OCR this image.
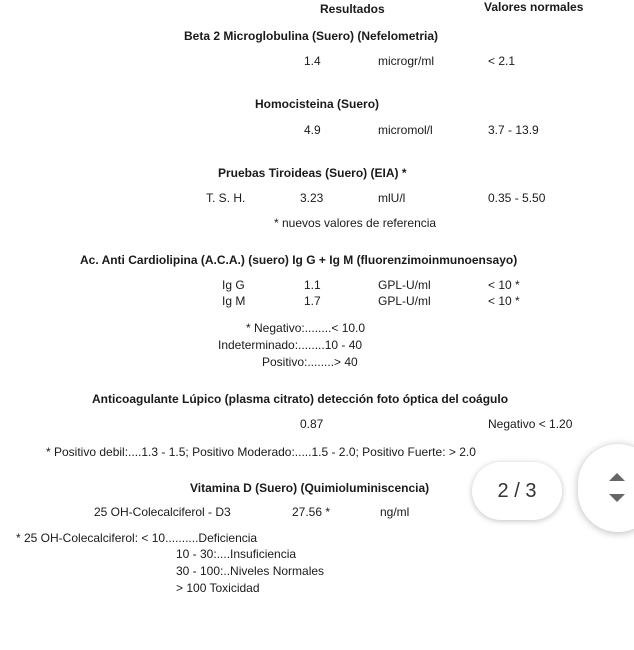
Resultados	Valores normales
Beta 2 Microglobulina (Suero) (Nefelometria)
1.4	microgr/ml	< 2.1
Homocisteina (Suero)
4.9	micromol/l	3.7 - 13.9
Pruebas Tiroideas (Suero) (EIA) *
T. S. H.	3.23	mlU/l	0.35 - 5.50
* nuevos valores de referencia
Ac. Anti Cardiolipina (A.C.A.) (suero) Ig G + Ig M (fluorenzimoinmunoensayo)
Ig G	1.1	GPL-U/ml	< 10 *
Ig M	1.7	GPL-U/ml	< 10 *
* Negativo:........< 10.0
Indeterminado:........10 - 40
Positivo:........> 40
Anticoagulante Lúpico (plasma citrato) detección foto óptica del coágulo
0.87	Negativo < 1.20
* Positivo debil:....1.3 - 1.5; Positivo Moderado:.....1.5 - 2.0; Positivo Fuerte: > 2.0
Vitamina D (Suero) (Quimioluminiscencia)
25 OH-Colecalciferol - D3	27.56 *	ng/ml
* 25 OH-Colecalciferol: < 10..........Deficiencia
10 - 30:....Insuficiencia
30 - 100:..Niveles Normales
> 100 Toxicidad
2 / 3
